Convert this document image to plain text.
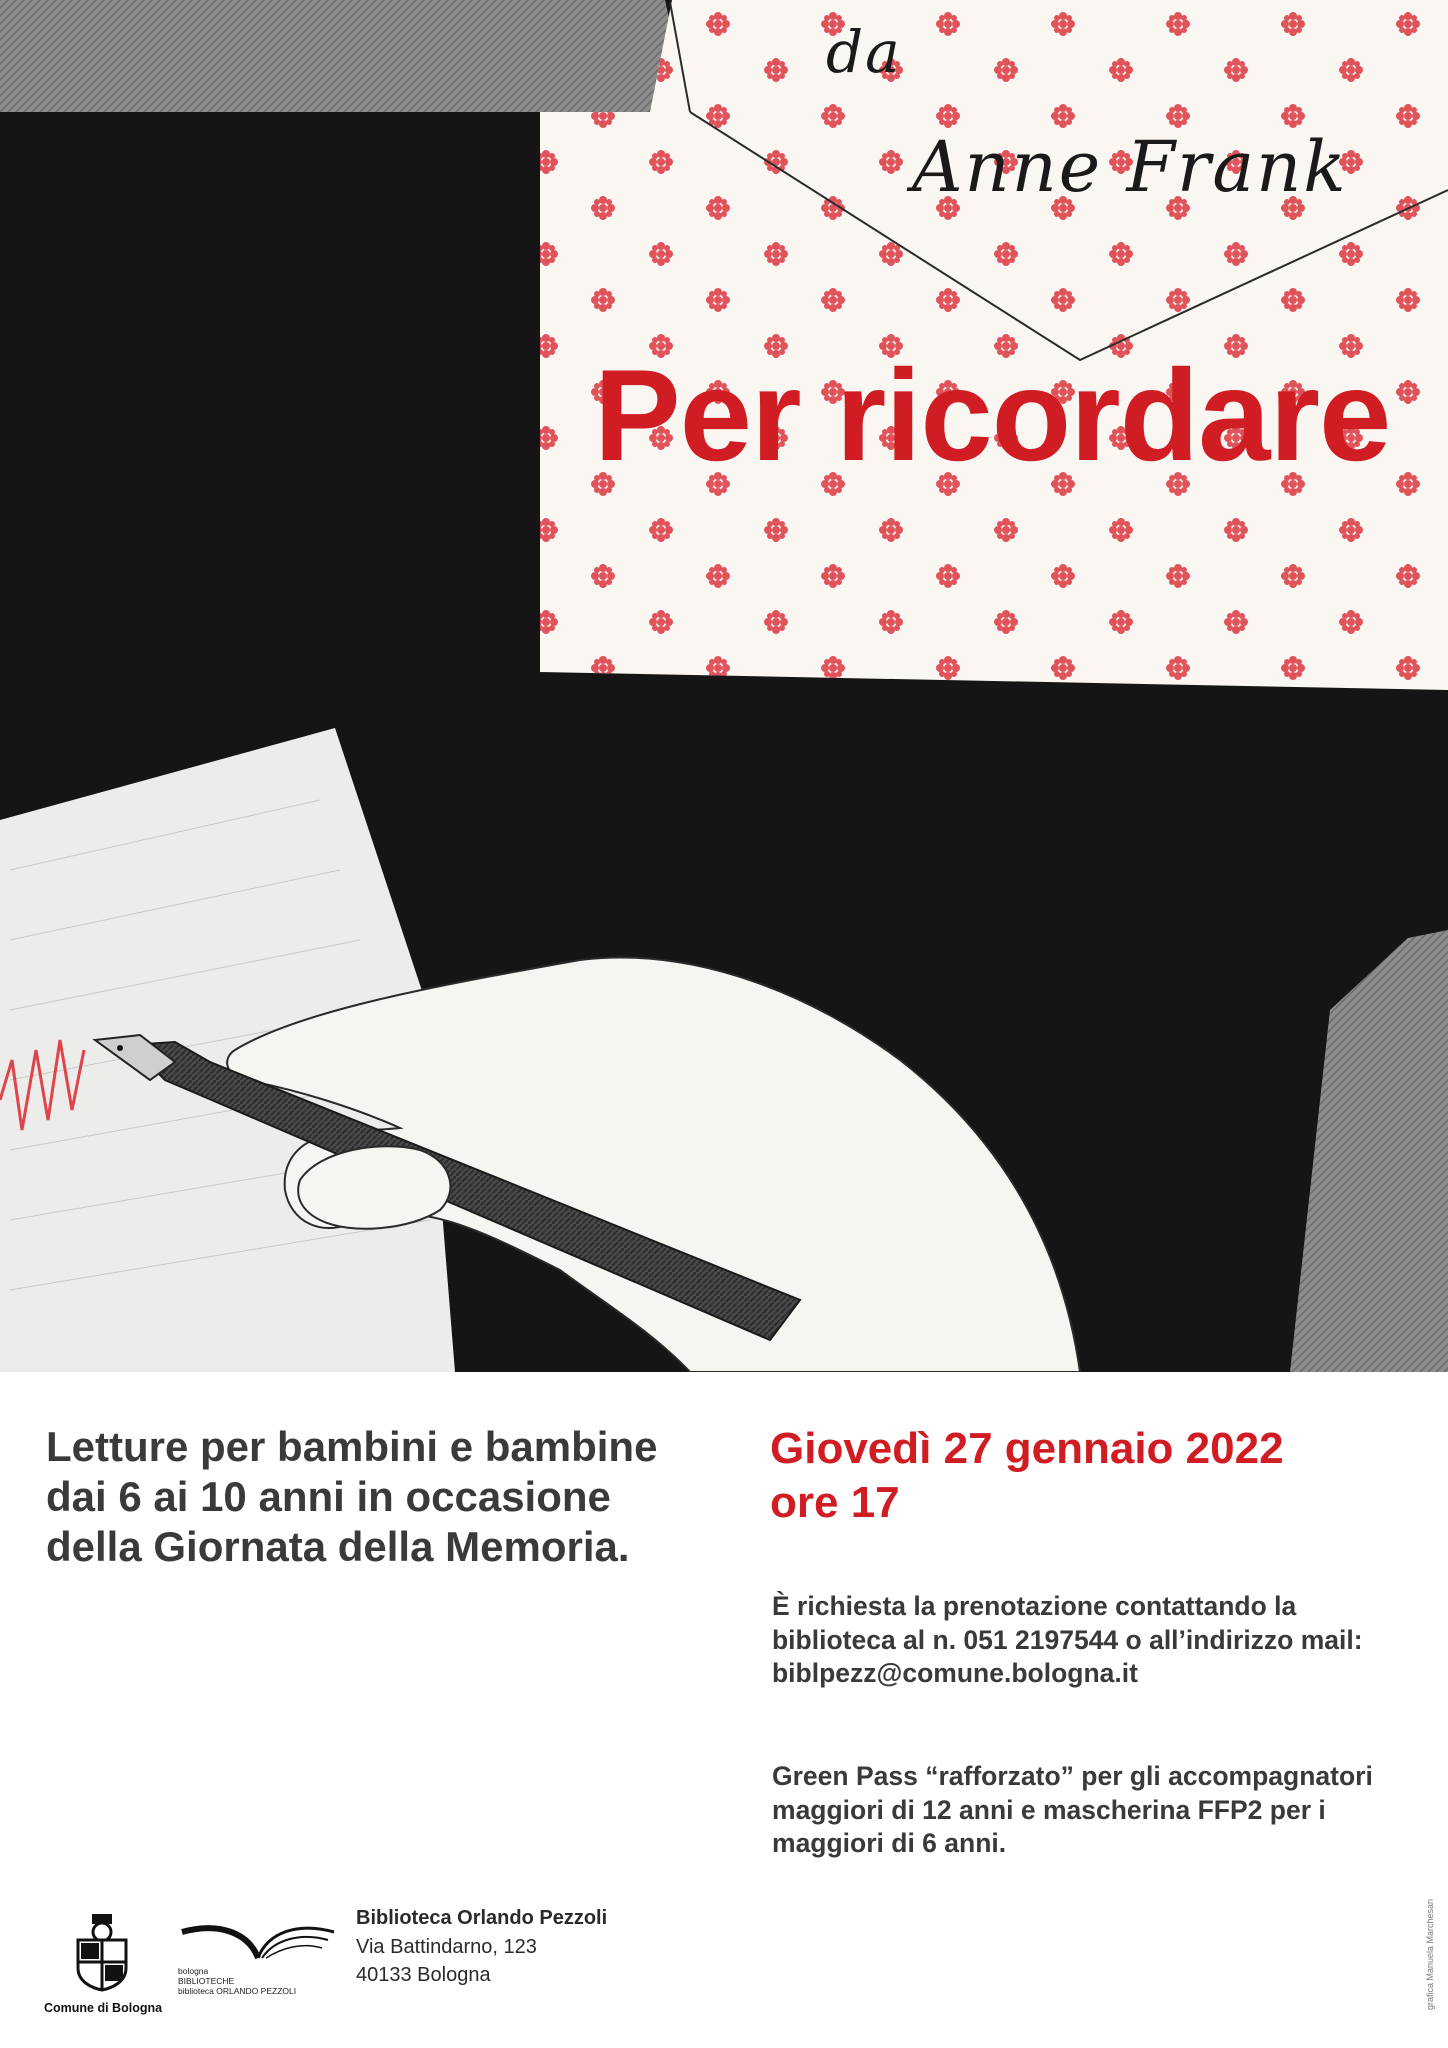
da
Anne Frank
Per ricordare

Letture per bambini e bambine dai 6 ai 10 anni in occasione della Giornata della Memoria.

Giovedì 27 gennaio 2022
ore 17

È richiesta la prenotazione contattando la biblioteca al n. 051 2197544 o all’indirizzo mail: biblpezz@comune.bologna.it

Green Pass “rafforzato” per gli accompagnatori maggiori di 12 anni e mascherina FFP2 per i maggiori di 6 anni.

Comune di Bologna
bologna
BIBLIOTECHE
biblioteca ORLANDO PEZZOLI
Biblioteca Orlando Pezzoli
Via Battindarno, 123
40133 Bologna	grafica Manuela Marchesan
